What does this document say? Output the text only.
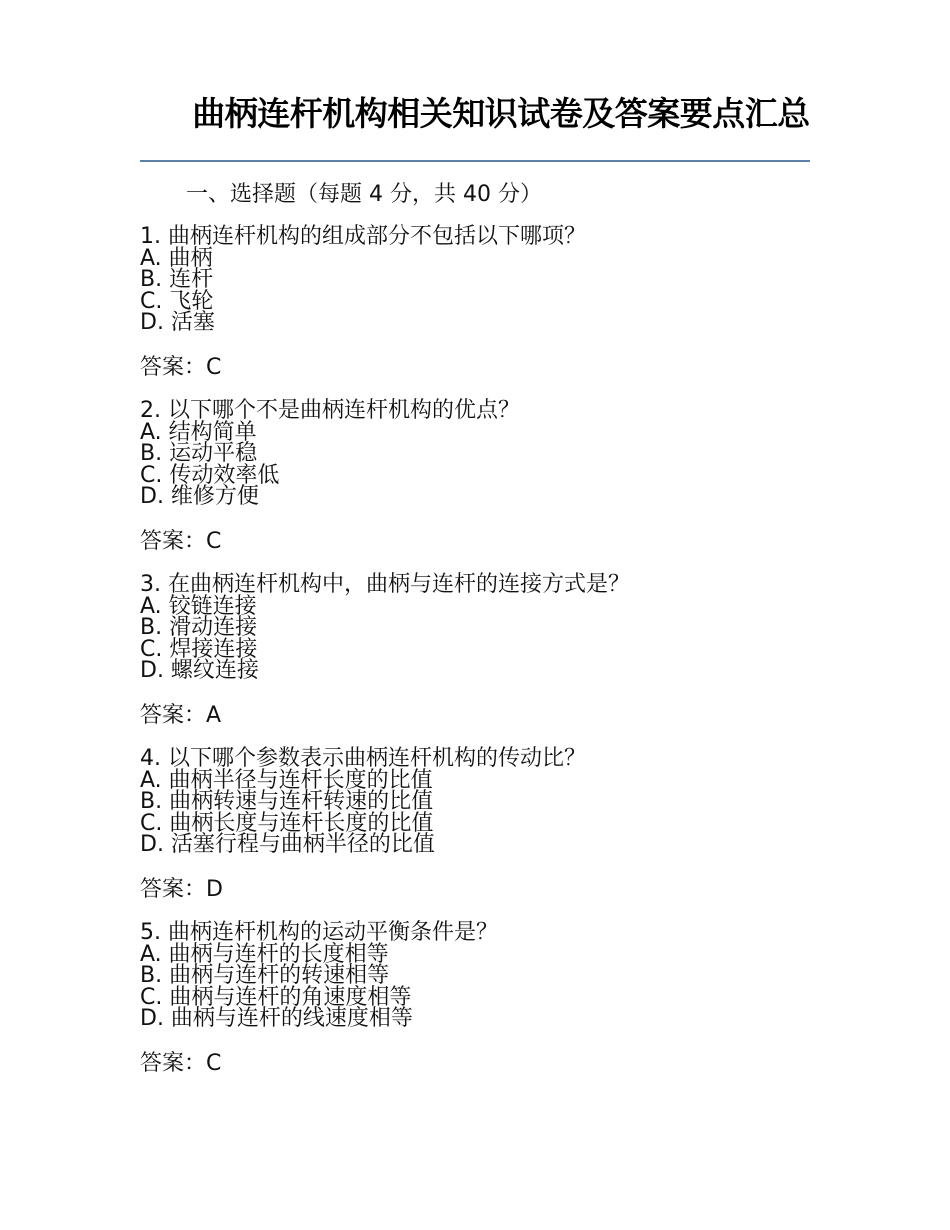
曲柄连杆机构相关知识试卷及答案要点汇总
一、选择题（每题 4 分，共 40 分）
1. 曲柄连杆机构的组成部分不包括以下哪项？
A. 曲柄
B. 连杆
C. 飞轮
D. 活塞
答案：C
2. 以下哪个不是曲柄连杆机构的优点？
A. 结构简单
B. 运动平稳
C. 传动效率低
D. 维修方便
答案：C
3. 在曲柄连杆机构中，曲柄与连杆的连接方式是？
A. 铰链连接
B. 滑动连接
C. 焊接连接
D. 螺纹连接
答案：A
4. 以下哪个参数表示曲柄连杆机构的传动比？
A. 曲柄半径与连杆长度的比值
B. 曲柄转速与连杆转速的比值
C. 曲柄长度与连杆长度的比值
D. 活塞行程与曲柄半径的比值
答案：D
5. 曲柄连杆机构的运动平衡条件是？
A. 曲柄与连杆的长度相等
B. 曲柄与连杆的转速相等
C. 曲柄与连杆的角速度相等
D. 曲柄与连杆的线速度相等
答案：C
